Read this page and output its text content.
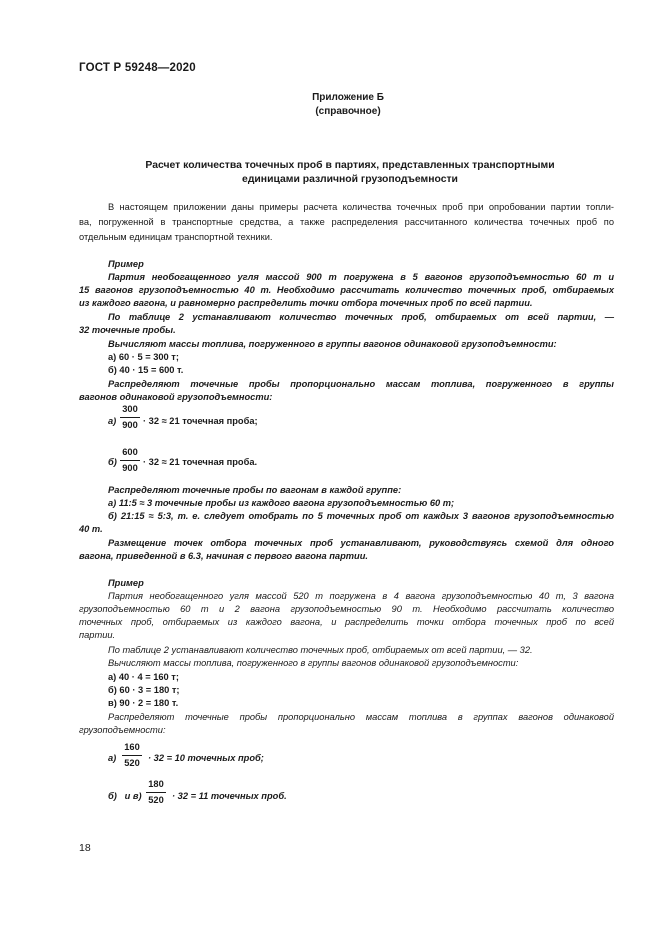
ГОСТ Р 59248—2020
Приложение Б
(справочное)
Расчет количества точечных проб в партиях, представленных транспортными
единицами различной грузоподъемности
В настоящем приложении даны примеры расчета количества точечных проб при опробовании партии топли-
ва, погруженной в транспортные средства, а также распределения рассчитанного количества точечных проб по
отдельным единицам транспортной техники.
Пример
Партия необогащенного угля массой 900 т погружена в 5 вагонов грузоподъемностью 60 т и
15 вагонов грузоподъемностью 40 т. Необходимо рассчитать количество точечных проб, отбираемых
из каждого вагона, и равномерно распределить точки отбора точечных проб по всей партии.
По таблице 2 устанавливают количество точечных проб, отбираемых от всей партии, —
32 точечные пробы.
Вычисляют массы топлива, погруженного в группы вагонов одинаковой грузоподъемности:
а) 60 · 5 = 300 т;
б) 40 · 15 = 600 т.
Распределяют точечные пробы пропорционально массам топлива, погруженного в группы
вагонов одинаковой грузоподъемности:
а)
300
900 · 32 ≈ 21 точечная проба;
б)
600
900
· 32 ≈ 21 точечная проба.
Распределяют точечные пробы по вагонам в каждой группе:
а) 11:5 ≈ 3 точечные пробы из каждого вагона грузоподъемностью 60 т;
б) 21:15 ≈ 5:3, т. е. следует отобрать по 5 точечных проб от каждых 3 вагонов грузоподъемностью
40 т.
Размещение точек отбора точечных проб устанавливают, руководствуясь схемой для одного
вагона, приведенной в 6.3, начиная с первого вагона партии.
Пример
Партия необогащенного угля массой 520 т погружена в 4 вагона грузоподъемностью 40 т, 3 вагона
грузоподъемностью 60 т и 2 вагона грузоподъемностью 90 т. Необходимо рассчитать количество
точечных проб, отбираемых из каждого вагона, и распределить точки отбора точечных проб по всей
партии.
По таблице 2 устанавливают количество точечных проб, отбираемых от всей партии, — 32.
Вычисляют массы топлива, погруженного в группы вагонов одинаковой грузоподъемности:
а) 40 · 4 = 160 т;
б) 60 · 3 = 180 т;
в) 90 · 2 = 180 т.
Распределяют точечные пробы пропорционально массам топлива в группах вагонов одинаковой
грузоподъемности:
а)
160
520 · 32 = 10 точечных проб;
б)   и в)
180
520 · 32 = 11 точечных проб.
18
